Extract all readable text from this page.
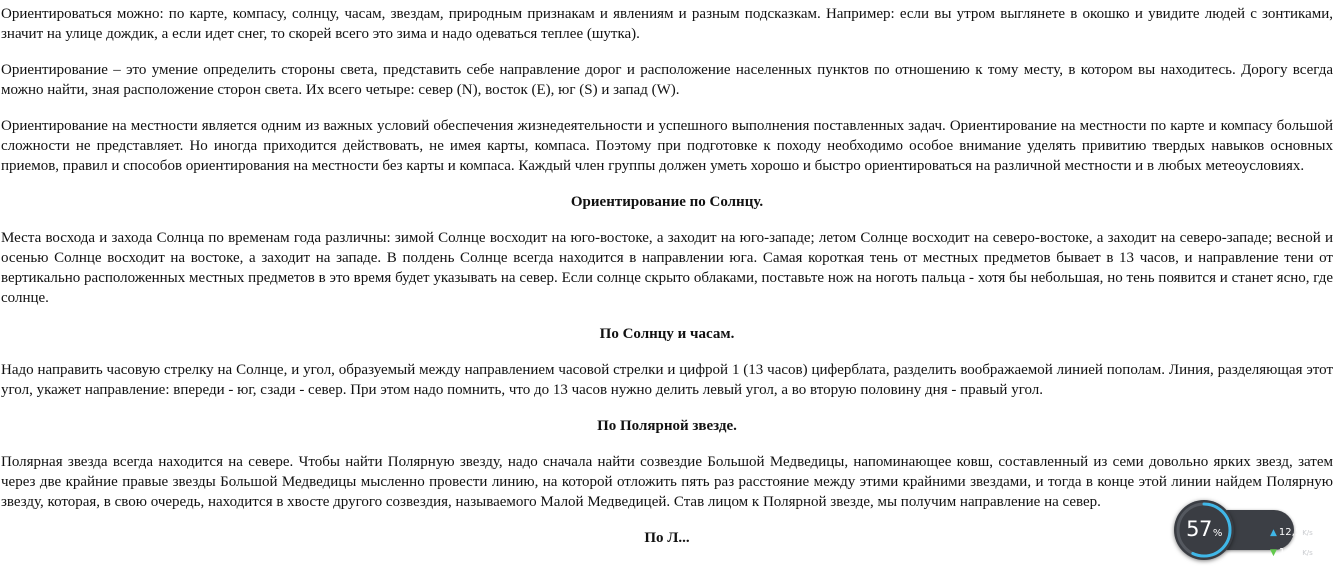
Ориентироваться можно: по карте, компасу, солнцу, часам, звездам, природным признакам и явлениям и разным подсказкам. Например: если вы утром выглянете в окошко и увидите людей с зонтиками, значит на улице дождик, а если идет снег, то скорей всего это зима и надо одеваться теплее (шутка).

Ориентирование – это умение определить стороны света, представить себе направление дорог и расположение населенных пунктов по отношению к тому месту, в котором вы находитесь. Дорогу всегда можно найти, зная расположение сторон света. Их всего четыре: север (N), восток (E), юг (S) и запад (W).

Ориентирование на местности является одним из важных условий обеспечения жизнедеятельности и успешного выполнения поставленных задач. Ориентирование на местности по карте и компасу большой сложности не представляет. Но иногда приходится действовать, не имея карты, компаса. Поэтому при подготовке к походу необходимо особое внимание уделять привитию твердых навыков основных приемов, правил и способов ориентирования на местности без карты и компаса. Каждый член группы должен уметь хорошо и быстро ориентироваться на различной местности и в любых метеоусловиях.

Ориентирование по Солнцу.

Места восхода и захода Солнца по временам года различны: зимой Солнце восходит на юго-востоке, а заходит на юго-западе; летом Солнце восходит на северо-востоке, а заходит на северо-западе; весной и осенью Солнце восходит на востоке, а заходит на западе. В полдень Солнце всегда находится в направлении юга. Самая короткая тень от местных предметов бывает в 13 часов, и направление тени от вертикально расположенных местных предметов в это время будет указывать на север. Если солнце скрыто облаками, поставьте нож на ноготь пальца - хотя бы небольшая, но тень появится и станет ясно, где солнце.

По Солнцу и часам.

Надо направить часовую стрелку на Солнце, и угол, образуемый между направлением часовой стрелки и цифрой 1 (13 часов) циферблата, разделить воображаемой линией пополам. Линия, разделяющая этот угол, укажет направление: впереди - юг, сзади - север. При этом надо помнить, что до 13 часов нужно делить левый угол, а во вторую половину дня - правый угол.

По Полярной звезде.

Полярная звезда всегда находится на севере. Чтобы найти Полярную звезду, надо сначала найти созвездие Большой Медведицы, напоминающее ковш, составленный из семи довольно ярких звезд, затем через две крайние правые звезды Большой Медведицы мысленно провести линию, на которой отложить пять раз расстояние между этими крайними звездами, и тогда в конце этой линии найдем Полярную звезду, которая, в свою очередь, находится в хвосте другого созвездия, называемого Малой Медведицей. Став лицом к Полярной звезде, мы получим направление на север.

По Л...	▲ 12,5K/s
▼ 14,8K/s
57%
